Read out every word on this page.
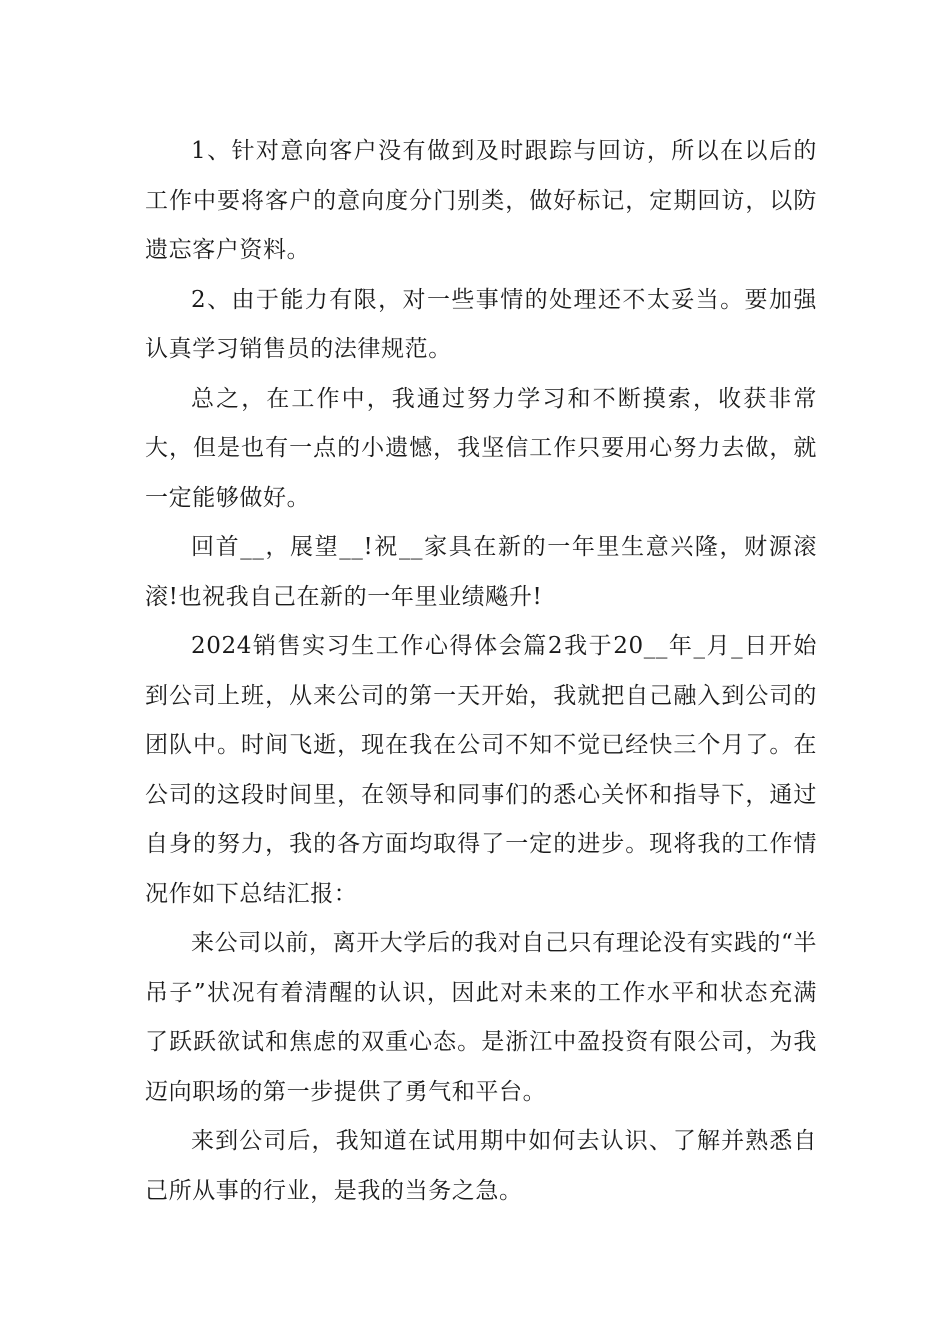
1、针对意向客户没有做到及时跟踪与回访，所以在以后的工作中要将客户的意向度分门别类，做好标记，定期回访，以防遗忘客户资料。

2、由于能力有限，对一些事情的处理还不太妥当。要加强认真学习销售员的法律规范。

总之，在工作中，我通过努力学习和不断摸索，收获非常大，但是也有一点的小遗憾，我坚信工作只要用心努力去做，就一定能够做好。

回首__，展望__!祝__家具在新的一年里生意兴隆，财源滚滚!也祝我自己在新的一年里业绩飚升!

2024销售实习生工作心得体会篇2我于20__年_月_日开始到公司上班，从来公司的第一天开始，我就把自己融入到公司的团队中。时间飞逝，现在我在公司不知不觉已经快三个月了。在公司的这段时间里，在领导和同事们的悉心关怀和指导下，通过自身的努力，我的各方面均取得了一定的进步。现将我的工作情况作如下总结汇报：

来公司以前，离开大学后的我对自己只有理论没有实践的“半吊子”状况有着清醒的认识，因此对未来的工作水平和状态充满了跃跃欲试和焦虑的双重心态。是浙江中盈投资有限公司，为我迈向职场的第一步提供了勇气和平台。

来到公司后，我知道在试用期中如何去认识、了解并熟悉自己所从事的行业，是我的当务之急。
